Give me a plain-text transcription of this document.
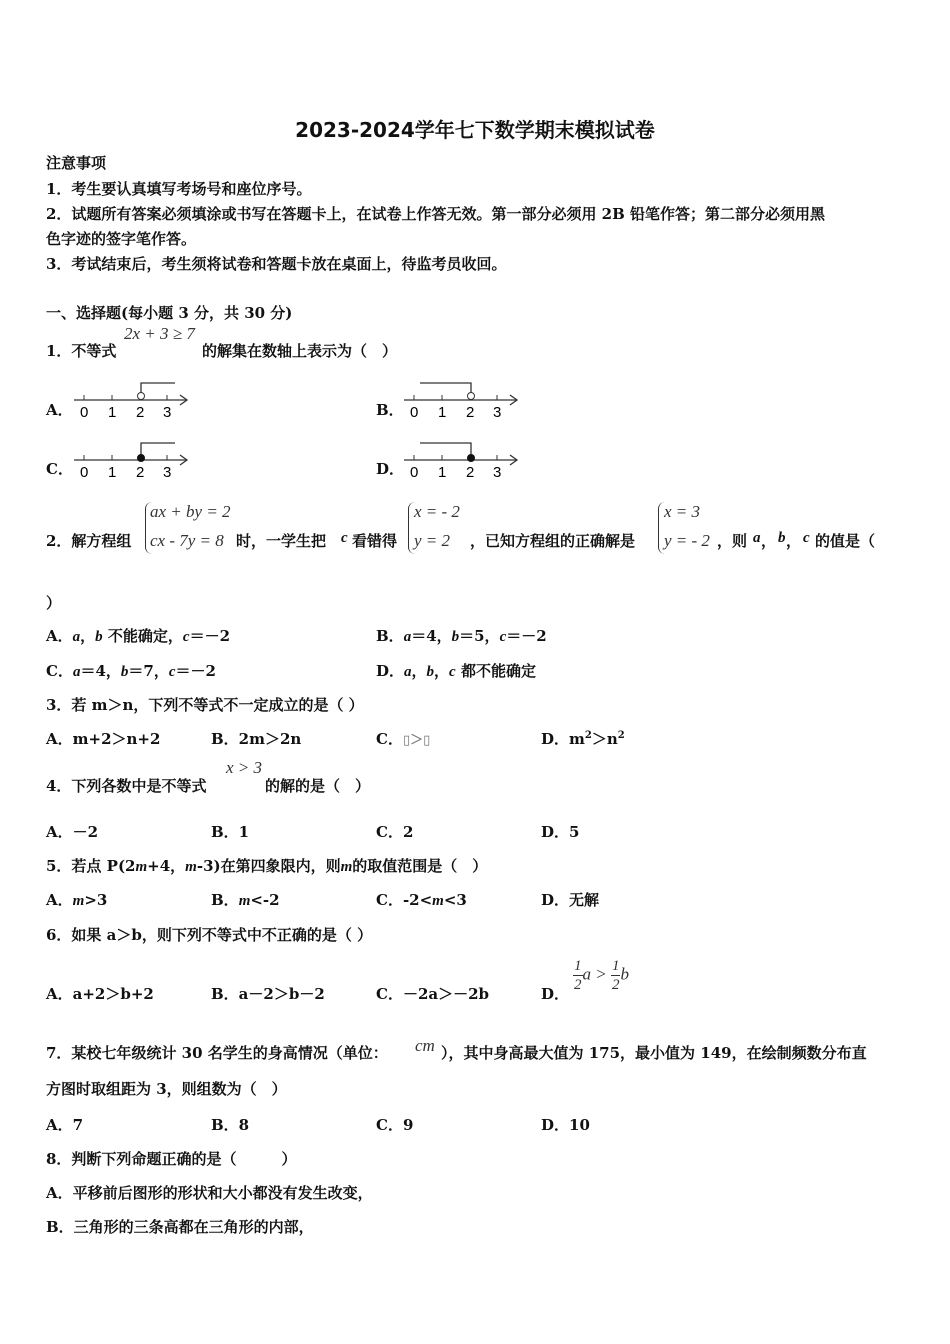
2023-2024学年七下数学期末模拟试卷
注意事项
1．考生要认真填写考场号和座位序号。
2．试题所有答案必须填涂或书写在答题卡上，在试卷上作答无效。第一部分必须用 2B 铅笔作答；第二部分必须用黑
色字迹的签字笔作答。
3．考试结束后，考生须将试卷和答题卡放在桌面上，待监考员收回。
一、选择题(每小题 3 分，共 30 分)
1．不等式
2x + 3 ≥ 7
的解集在数轴上表示为（　）
A． 0 1 2 3	B． 0 1 2 3
C． 0 1 2 3	D． 0 1 2 3
2．解方程组
ax + by = 2
cx - 7y = 8 时，一学生把 c 看错得
x = - 2
y = 2 ，已知方程组的正确解是
x = 3
y = - 2 ，则 a ， b ， c 的值是（
）
A．a，b 不能确定，c＝－2	B．a＝4，b＝5，c＝－2
C．a＝4，b＝7，c＝－2	D．a，b，c 都不能确定
3．若 m＞n，下列不等式不一定成立的是（ ）
A．m+2＞n+2	B．2m＞2n	C．▯＞▯	D．$m^2>n^2$
4．下列各数中是不等式
x > 3
的解的是（　）
A．－2	B．1	C．2	D．5
5．若点 P(2m+4，m-3)在第四象限内，则m的取值范围是（　）
A．m>3	B．m<-2	C．-2<m<3	D．无解
6．如果 a＞b，则下列不等式中不正确的是（ ）
A．a+2＞b+2	B．a－2＞b－2	C．－2a＞－2b	D． $\frac{1}{2}$ $a > \frac{1}{2}$ b
7．某校七年级统计 30 名学生的身高情况（单位： cm ），其中身高最大值为 175，最小值为 149，在绘制频数分布直
方图时取组距为 3，则组数为（　）
A．7	B．8	C．9	D．10
8．判断下列命题正确的是（　　　）
A．平移前后图形的形状和大小都没有发生改变，
B．三角形的三条高都在三角形的内部，
